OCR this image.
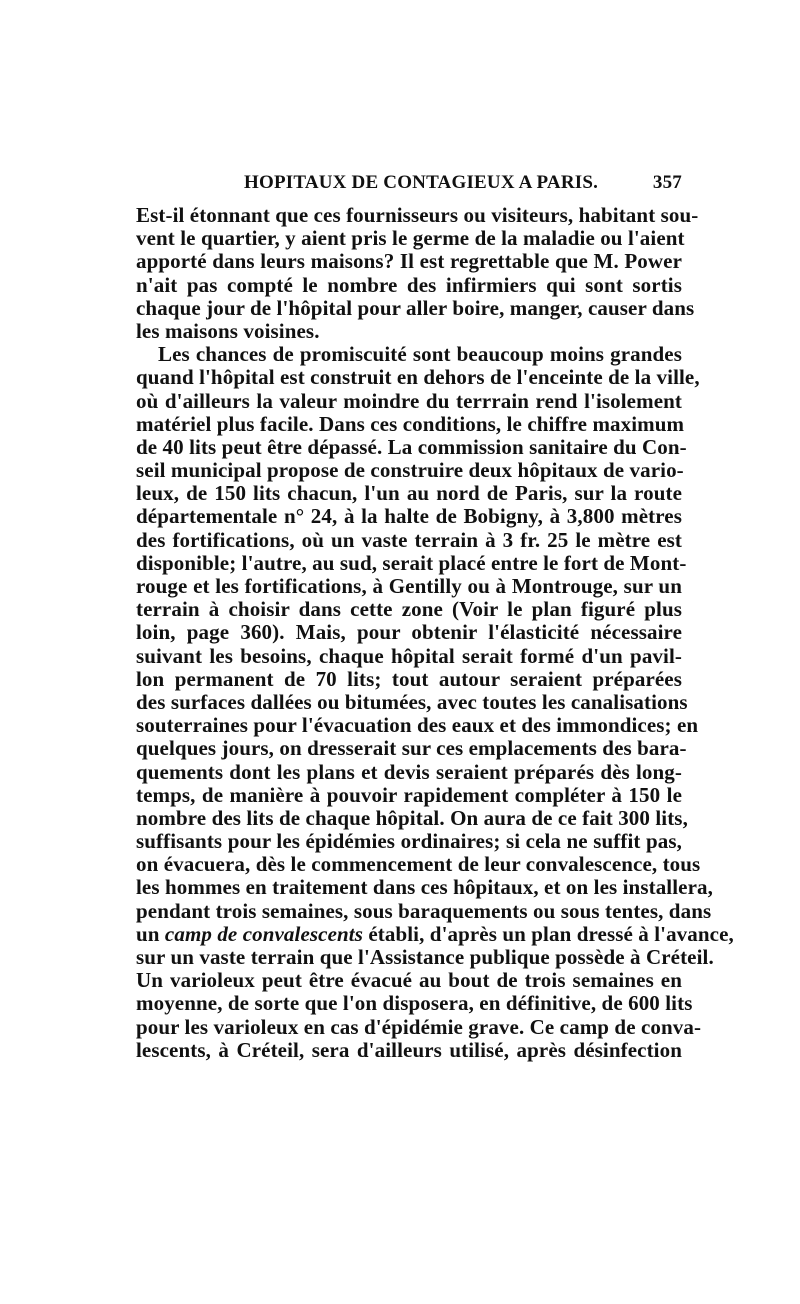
HOPITAUX DE CONTAGIEUX A PARIS.	357
Est-il étonnant que ces fournisseurs ou visiteurs, habitant sou-
vent le quartier, y aient pris le germe de la maladie ou l'aient
apporté dans leurs maisons? Il est regrettable que M. Power
n'ait pas compté le nombre des infirmiers qui sont sortis
chaque jour de l'hôpital pour aller boire, manger, causer dans
les maisons voisines.
Les chances de promiscuité sont beaucoup moins grandes
quand l'hôpital est construit en dehors de l'enceinte de la ville,
où d'ailleurs la valeur moindre du terrrain rend l'isolement
matériel plus facile. Dans ces conditions, le chiffre maximum
de 40 lits peut être dépassé. La commission sanitaire du Con-
seil municipal propose de construire deux hôpitaux de vario-
leux, de 150 lits chacun, l'un au nord de Paris, sur la route
départementale n° 24, à la halte de Bobigny, à 3,800 mètres
des fortifications, où un vaste terrain à 3 fr. 25 le mètre est
disponible; l'autre, au sud, serait placé entre le fort de Mont-
rouge et les fortifications, à Gentilly ou à Montrouge, sur un
terrain à choisir dans cette zone (Voir le plan figuré plus
loin, page 360). Mais, pour obtenir l'élasticité nécessaire
suivant les besoins, chaque hôpital serait formé d'un pavil-
lon permanent de 70 lits; tout autour seraient préparées
des surfaces dallées ou bitumées, avec toutes les canalisations
souterraines pour l'évacuation des eaux et des immondices; en
quelques jours, on dresserait sur ces emplacements des bara-
quements dont les plans et devis seraient préparés dès long-
temps, de manière à pouvoir rapidement compléter à 150 le
nombre des lits de chaque hôpital. On aura de ce fait 300 lits,
suffisants pour les épidémies ordinaires; si cela ne suffit pas,
on évacuera, dès le commencement de leur convalescence, tous
les hommes en traitement dans ces hôpitaux, et on les installera,
pendant trois semaines, sous baraquements ou sous tentes, dans
un camp de convalescents établi, d'après un plan dressé à l'avance,
sur un vaste terrain que l'Assistance publique possède à Créteil.
Un varioleux peut être évacué au bout de trois semaines en
moyenne, de sorte que l'on disposera, en définitive, de 600 lits
pour les varioleux en cas d'épidémie grave. Ce camp de conva-
lescents, à Créteil, sera d'ailleurs utilisé, après désinfection
